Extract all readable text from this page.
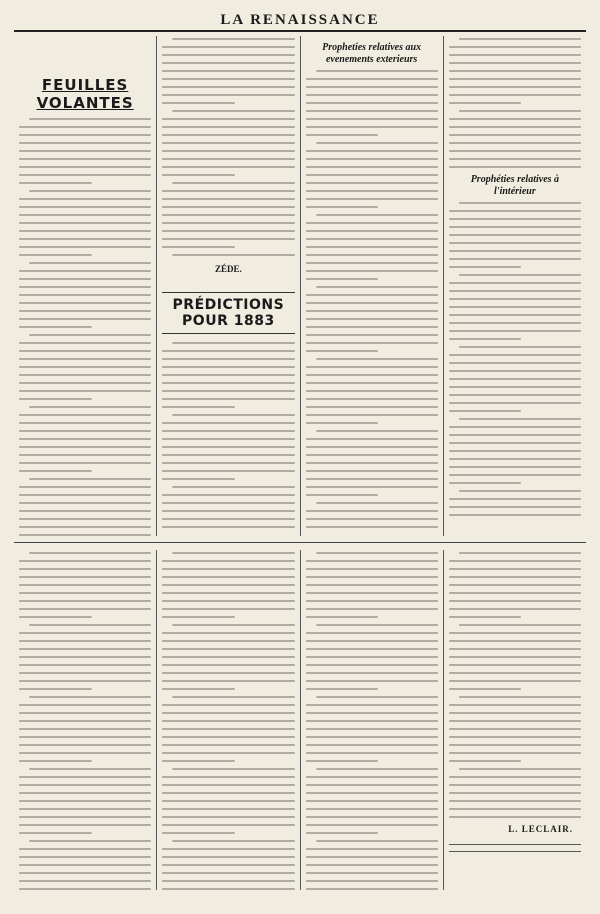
LA RENAISSANCE
FEUILLES VOLANTES
ZÉDE.
PRÉDICTIONS POUR 1883
Propheties relatives aux evenements exterieurs
Prophéties relatives à l'intérieur
L. LECLAIR.
